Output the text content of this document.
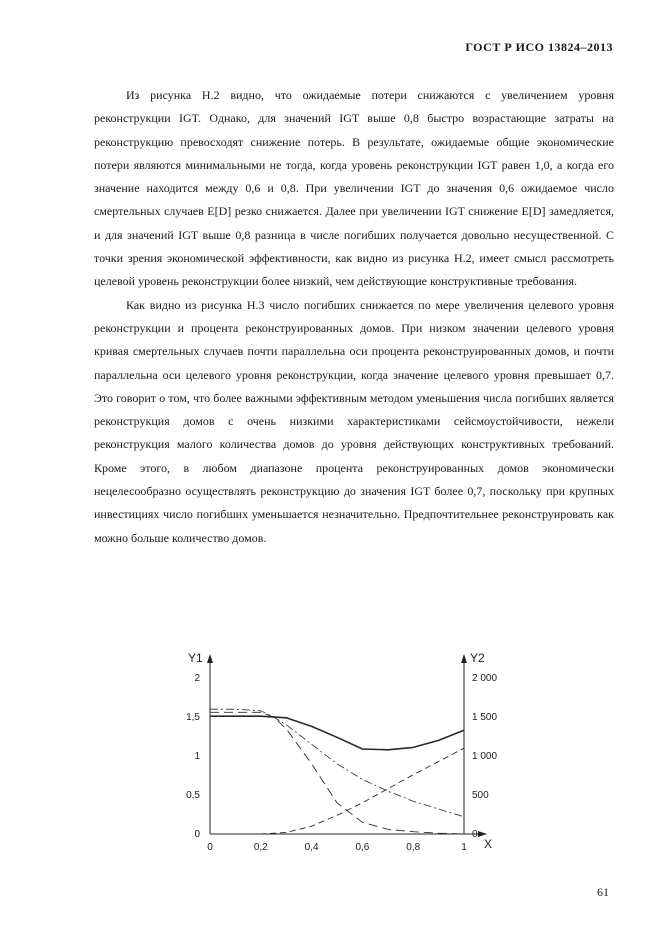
ГОСТ Р ИСО 13824–2013

Из рисунка Н.2 видно, что ожидаемые потери снижаются с увеличением уровня реконструкции IGT. Однако, для значений IGT выше 0,8 быстро возрастающие затраты на реконструкцию превосходят снижение потерь. В результате, ожидаемые общие экономические потери являются минимальными не тогда, когда уровень реконструкции IGT равен 1,0, а когда его значение находится между 0,6 и 0,8. При увеличении IGT до значения 0,6 ожидаемое число смертельных случаев E[D] резко снижается. Далее при увеличении IGT снижение E[D] замедляется, и для значений IGT выше 0,8 разница в числе погибших получается довольно несущественной. С точки зрения экономической эффективности, как видно из рисунка Н.2, имеет смысл рассмотреть целевой уровень реконструкции более низкий, чем действующие конструктивные требования.

Как видно из рисунка Н.3 число погибших снижается по мере увеличения целевого уровня реконструкции и процента реконструированных домов. При низком значении целевого уровня кривая смертельных случаев почти параллельна оси процента реконструированных домов, и почти параллельна оси целевого уровня реконструкции, когда значение целевого уровня превышает 0,7. Это говорит о том, что более важными эффективным методом уменьшения числа погибших является реконструкция домов с очень низкими характеристиками сейсмоустойчивости, нежели реконструкция малого количества домов до уровня действующих конструктивных требований. Кроме этого, в любом диапазоне процента реконструированных домов экономически нецелесообразно осуществлять реконструкцию до значения IGT более 0,7, поскольку при крупных инвестициях число погибших уменьшается незначительно. Предпочтительнее реконструировать как можно больше количество домов.

Y1	Y2
X
0	0,2	0,4	0,6	0,8	1
0
0,5
1
1,5
2
0
500
1 000
1 500
2 000
61
